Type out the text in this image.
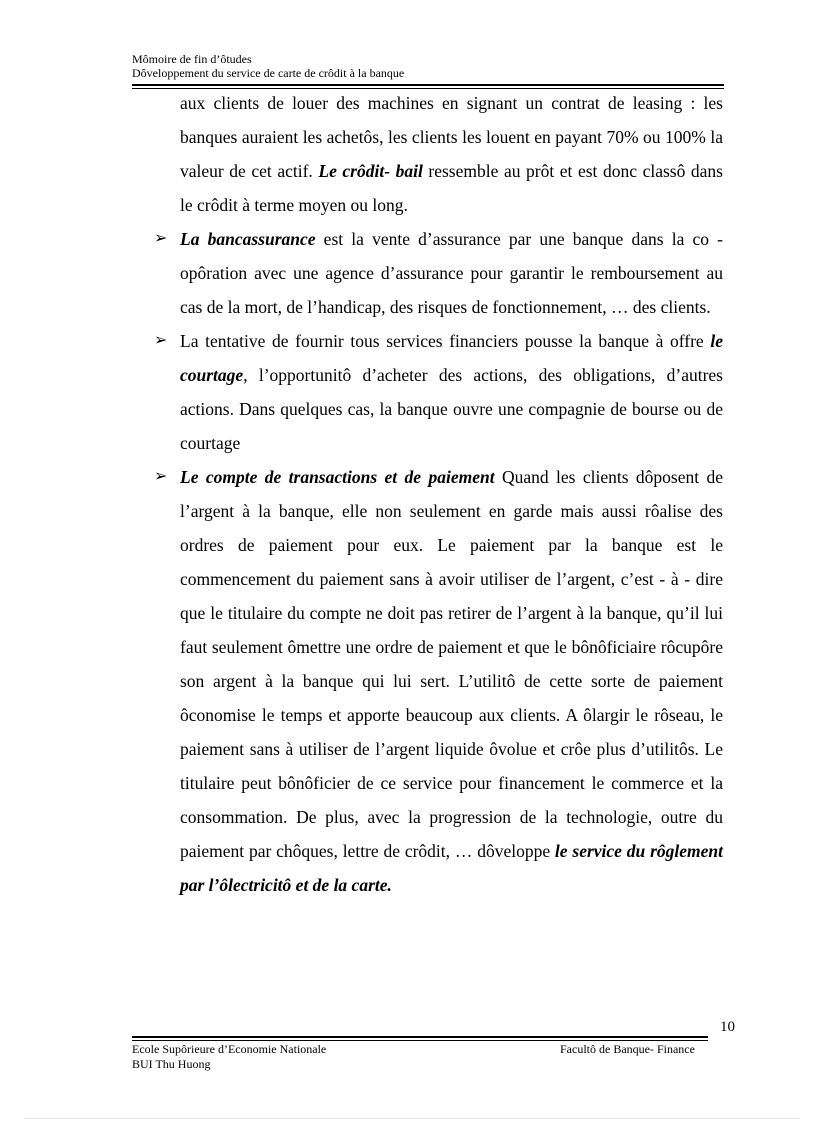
Mômoire de fin d’ôtudes
Dôveloppement du service de carte de crôdit à la banque

aux clients de louer des machines en signant un contrat de leasing : les banques auraient les achetôs, les clients les louent en payant 70% ou 100% la valeur de cet actif. Le crôdit- bail ressemble au prôt et est donc classô dans le crôdit à terme moyen ou long.

➢ La bancassurance est la vente d’assurance par une banque dans la co - opôration avec une agence d’assurance pour garantir le remboursement au cas de la mort, de l’handicap, des risques de fonctionnement, … des clients.

➢ La tentative de fournir tous services financiers pousse la banque à offre le courtage, l’opportunitô d’acheter des actions, des obligations, d’autres actions. Dans quelques cas, la banque ouvre une compagnie de bourse ou de courtage

➢ Le compte de transactions et de paiement Quand les clients dôposent de l’argent à la banque, elle non seulement en garde mais aussi rôalise des ordres de paiement pour eux. Le paiement par la banque est le commencement du paiement sans à avoir utiliser de l’argent, c’est - à - dire que le titulaire du compte ne doit pas retirer de l’argent à la banque, qu’il lui faut seulement ômettre une ordre de paiement et que le bônôficiaire rôcupôre son argent à la banque qui lui sert. L’utilitô de cette sorte de paiement ôconomise le temps et apporte beaucoup aux clients. A ôlargir le rôseau, le paiement sans à utiliser de l’argent liquide ôvolue et crôe plus d’utilitôs. Le titulaire peut bônôficier de ce service pour financement le commerce et la consommation. De plus, avec la progression de la technologie, outre du paiement par chôques, lettre de crôdit, … dôveloppe le service du rôglement par l’ôlectricitô et de la carte.

10
Ecole Supôrieure d’Economie Nationale
BUI Thu Huong
Facultô de Banque- Finance
